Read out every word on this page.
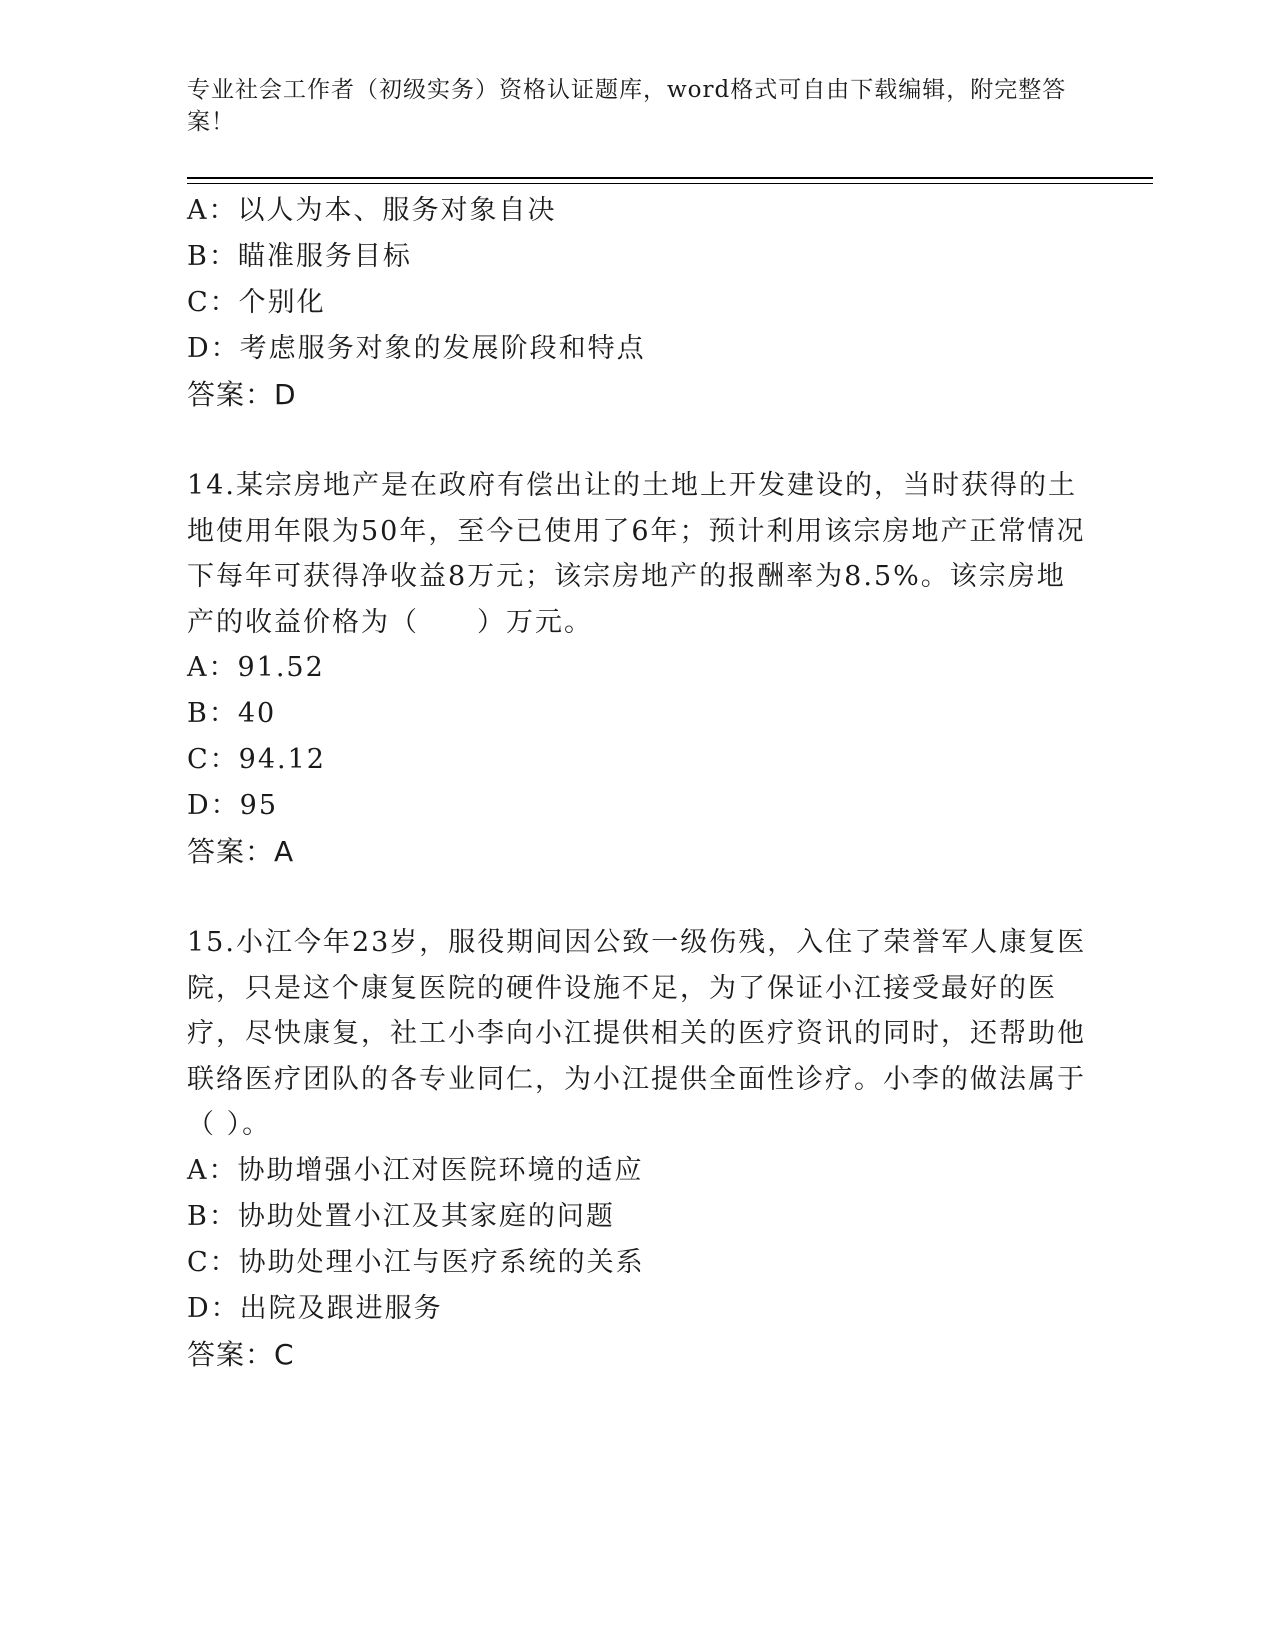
专业社会工作者（初级实务）资格认证题库，word格式可自由下载编辑，附完整答案！
A：以人为本、服务对象自决
B：瞄准服务目标
C：个别化
D：考虑服务对象的发展阶段和特点
答案：D
14.某宗房地产是在政府有偿出让的土地上开发建设的，当时获得的土地使用年限为50年，至今已使用了6年；预计利用该宗房地产正常情况下每年可获得净收益8万元；该宗房地产的报酬率为8.5%。该宗房地产的收益价格为（　　）万元。
A：91.52
B：40
C：94.12
D：95
答案：A
15.小江今年23岁，服役期间因公致一级伤残，入住了荣誉军人康复医院，只是这个康复医院的硬件设施不足，为了保证小江接受最好的医疗，尽快康复，社工小李向小江提供相关的医疗资讯的同时，还帮助他联络医疗团队的各专业同仁，为小江提供全面性诊疗。小李的做法属于（ ）。
A：协助增强小江对医院环境的适应
B：协助处置小江及其家庭的问题
C：协助处理小江与医疗系统的关系
D：出院及跟进服务
答案：C
